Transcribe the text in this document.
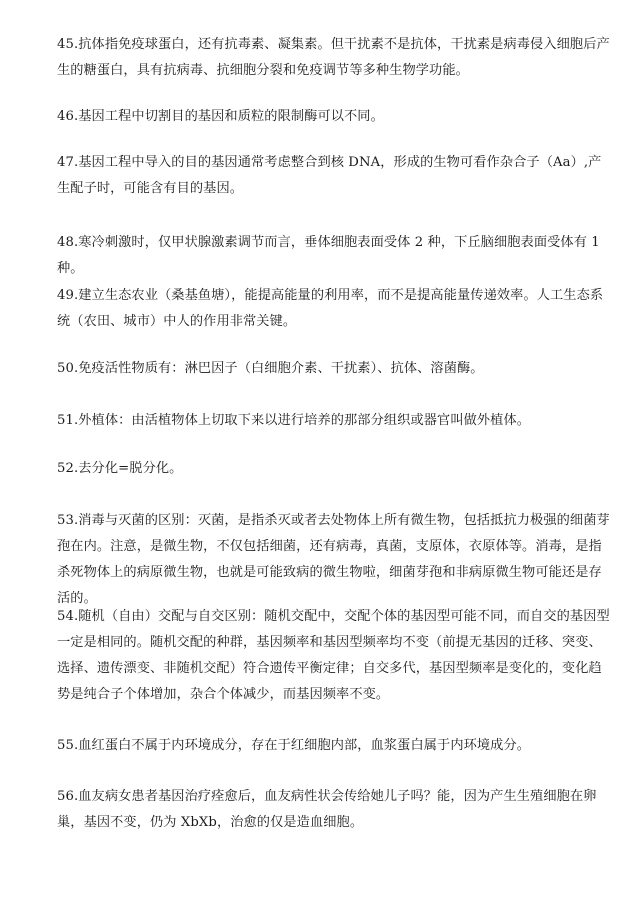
45.抗体指免疫球蛋白，还有抗毒素、凝集素。但干扰素不是抗体，干扰素是病毒侵入细胞后产生的糖蛋白，具有抗病毒、抗细胞分裂和免疫调节等多种生物学功能。

46.基因工程中切割目的基因和质粒的限制酶可以不同。

47.基因工程中导入的目的基因通常考虑整合到核 DNA，形成的生物可看作杂合子（Aa）,产生配子时，可能含有目的基因。

48.寒冷刺激时，仅甲状腺激素调节而言，垂体细胞表面受体 2 种，下丘脑细胞表面受体有 1 种。

49.建立生态农业（桑基鱼塘），能提高能量的利用率，而不是提高能量传递效率。人工生态系统（农田、城市）中人的作用非常关键。

50.免疫活性物质有：淋巴因子（白细胞介素、干扰素）、抗体、溶菌酶。

51.外植体：由活植物体上切取下来以进行培养的那部分组织或器官叫做外植体。

52.去分化=脱分化。

53.消毒与灭菌的区别：灭菌，是指杀灭或者去处物体上所有微生物，包括抵抗力极强的细菌芽孢在内。注意，是微生物，不仅包括细菌，还有病毒，真菌，支原体，衣原体等。消毒，是指杀死物体上的病原微生物，也就是可能致病的微生物啦，细菌芽孢和非病原微生物可能还是存活的。

54.随机（自由）交配与自交区别：随机交配中，交配个体的基因型可能不同，而自交的基因型一定是相同的。随机交配的种群，基因频率和基因型频率均不变（前提无基因的迁移、突变、选择、遗传漂变、非随机交配）符合遗传平衡定律；自交多代，基因型频率是变化的，变化趋势是纯合子个体增加，杂合个体减少，而基因频率不变。

55.血红蛋白不属于内环境成分，存在于红细胞内部，血浆蛋白属于内环境成分。

56.血友病女患者基因治疗痊愈后，血友病性状会传给她儿子吗？能，因为产生生殖细胞在卵巢，基因不变，仍为 XbXb，治愈的仅是造血细胞。
